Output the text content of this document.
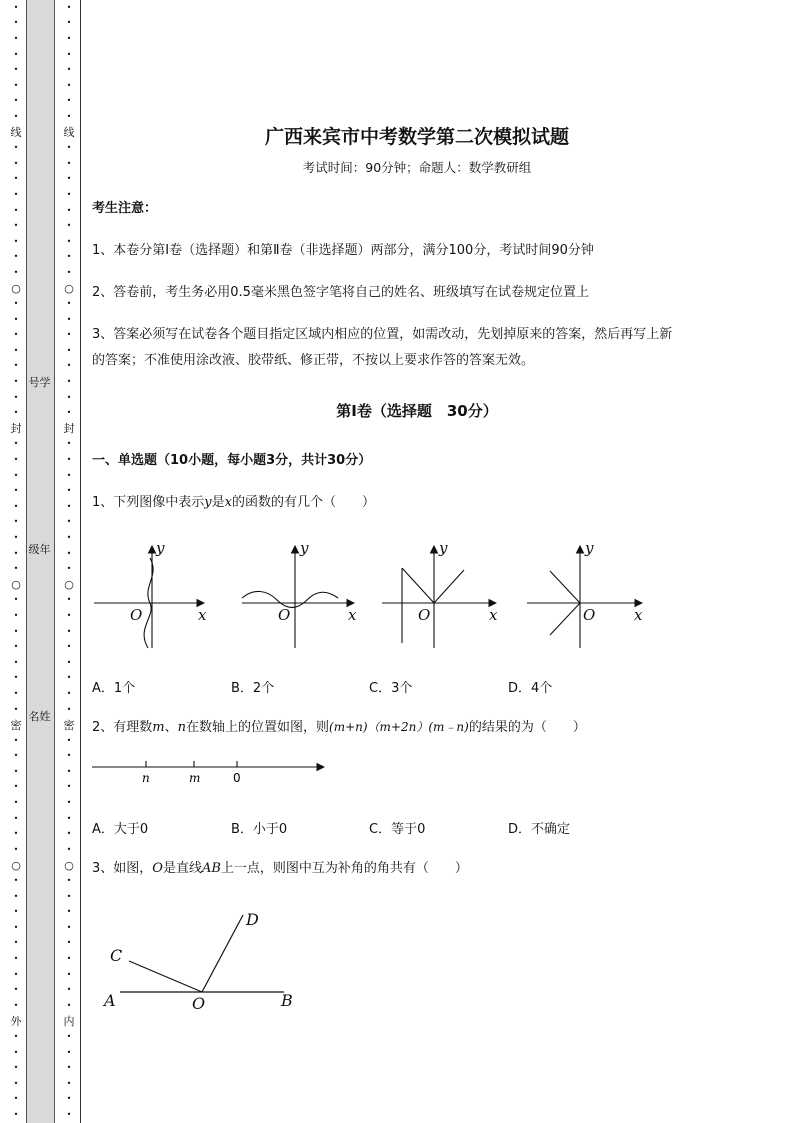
•
•
•
•
•
•
•
•
线
•
•
•
•
•
•
•
•
•
○
•
•
•
•
•
•
•
•
封
•
•
•
•
•
•
•
•
•
○
•
•
•
•
•
•
•
•
密
•
•
•
•
•
•
•
•
○
•
•
•
•
•
•
•
•
•
外
•
•
•
•
•
•
号学
级年
名姓
•
•
•
•
•
•
•
•
线
•
•
•
•
•
•
•
•
•
○
•
•
•
•
•
•
•
•
封
•
•
•
•
•
•
•
•
•
○
•
•
•
•
•
•
•
•
密
•
•
•
•
•
•
•
•
○
•
•
•
•
•
•
•
•
•
内
•
•
•
•
•
•
广西来宾市中考数学第二次模拟试题
考试时间：90分钟；命题人：数学教研组
考生注意：
1、本卷分第I卷（选择题）和第Ⅱ卷（非选择题）两部分，满分100分，考试时间90分钟
2、答卷前，考生务必用0.5毫米黑色签字笔将自己的姓名、班级填写在试卷规定位置上
3、答案必须写在试卷各个题目指定区域内相应的位置，如需改动，先划掉原来的答案，然后再写上新
的答案；不准使用涂改液、胶带纸、修正带，不按以上要求作答的答案无效。
第I卷（选择题　30分）
一、单选题（10小题，每小题3分，共计30分）
1、下列图像中表示y是x的函数的有几个（　　）
y
x
O
y
x
O
y
x
O
y
x
O
A．1个	B．2个	C．3个	D．4个
2、有理数m、n在数轴上的位置如图，则(m+n)（m+2n）(m﹣n)的结果的为（　　）
n	m	0
A．大于0	B．小于0	C．等于0	D．不确定
3、如图，O是直线AB上一点，则图中互为补角的角共有（　　）
A	B
C
D
O
